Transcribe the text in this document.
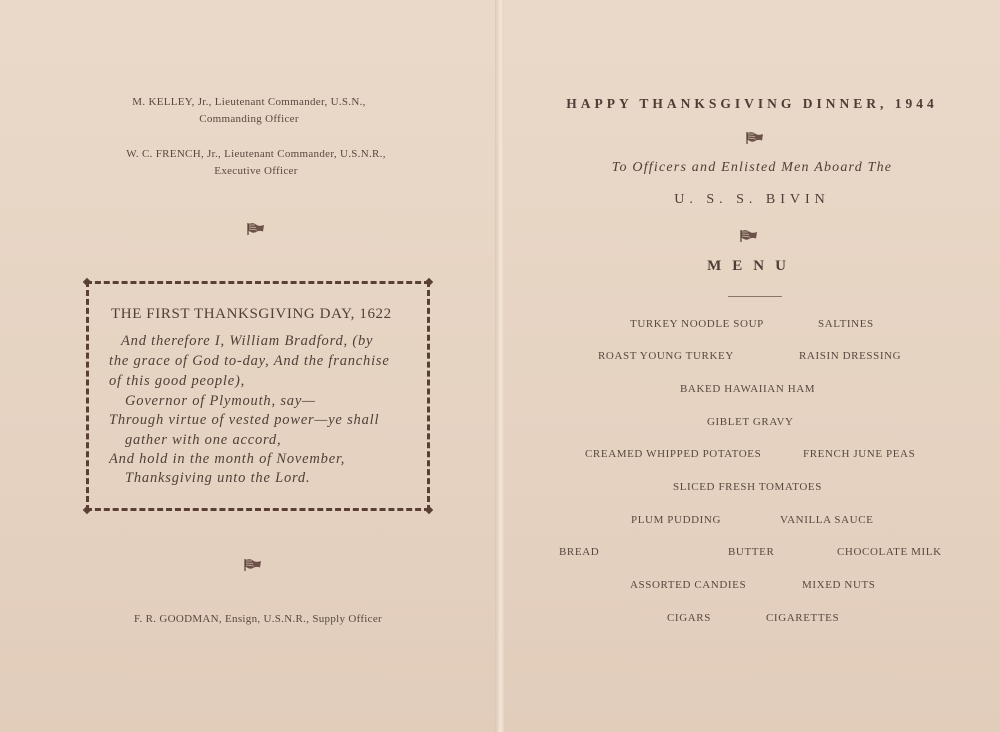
M. KELLEY, Jr., Lieutenant Commander, U.S.N.,
Commanding Officer
W. C. FRENCH, Jr., Lieutenant Commander, U.S.N.R.,
Executive Officer
THE FIRST THANKSGIVING DAY, 1622
And therefore I, William Bradford, (by
the grace of God to-day, And the franchise
of this good people),
Governor of Plymouth, say—
Through virtue of vested power—ye shall
gather with one accord,
And hold in the month of November,
Thanksgiving unto the Lord.
F. R. GOODMAN, Ensign, U.S.N.R., Supply Officer
HAPPY THANKSGIVING DINNER, 1944
To Officers and Enlisted Men Aboard The
U. S. S. BIVIN
MENU
TURKEY NOODLE SOUP	SALTINES
ROAST YOUNG TURKEY	RAISIN DRESSING
BAKED HAWAIIAN HAM
GIBLET GRAVY
CREAMED WHIPPED POTATOES	FRENCH JUNE PEAS
SLICED FRESH TOMATOES
PLUM PUDDING	VANILLA SAUCE
BREAD	BUTTER	CHOCOLATE MILK
ASSORTED CANDIES	MIXED NUTS
CIGARS	CIGARETTES
